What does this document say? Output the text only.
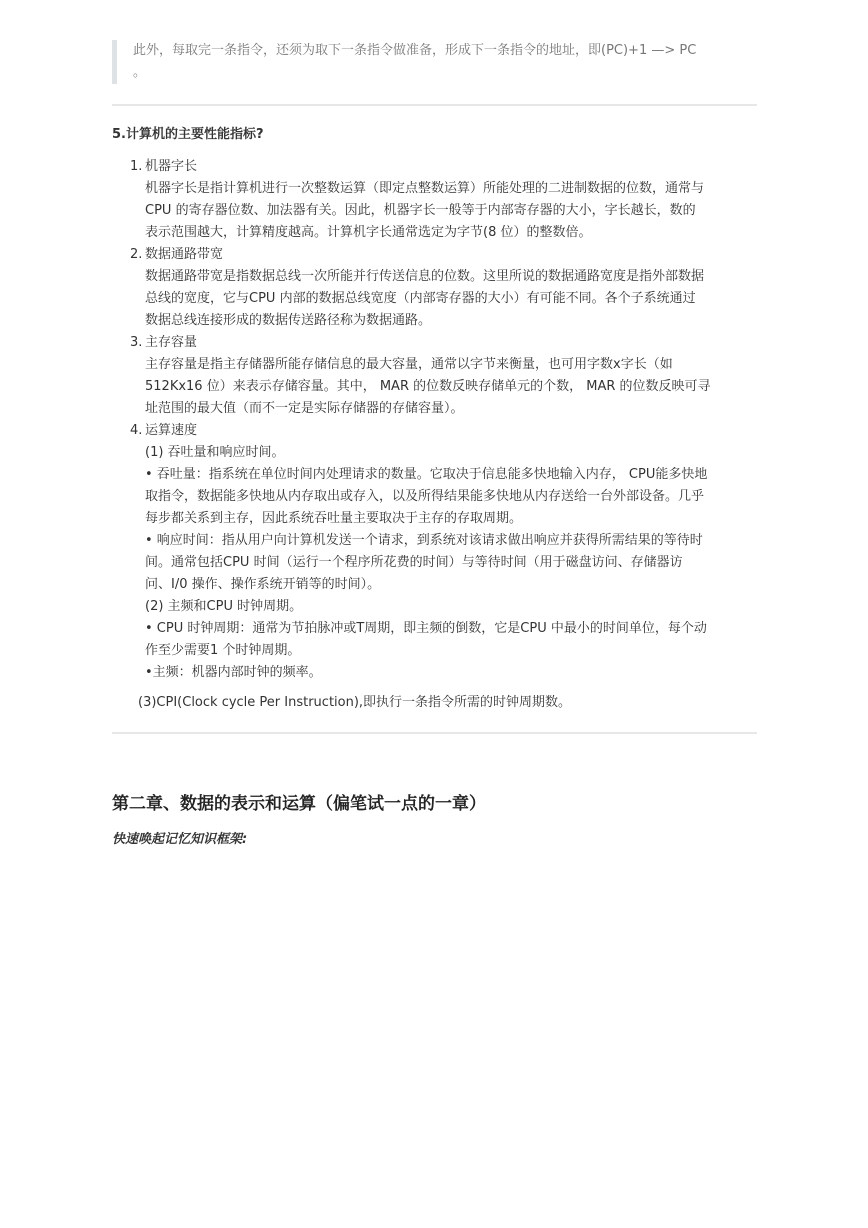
此外，每取完一条指令，还须为取下一条指令做准备，形成下一条指令的地址，即(PC)+1 —> PC
。
5.计算机的主要性能指标?
1. 机器字长
机器字长是指计算机进行一次整数运算（即定点整数运算）所能处理的二进制数据的位数，通常与
CPU 的寄存器位数、加法器有关。因此，机器字长一般等于内部寄存器的大小，字长越长，数的
表示范围越大，计算精度越高。计算机字长通常选定为字节(8 位）的整数倍。
2. 数据通路带宽
数据通路带宽是指数据总线一次所能并行传送信息的位数。这里所说的数据通路宽度是指外部数据
总线的宽度，它与CPU 内部的数据总线宽度（内部寄存器的大小）有可能不同。各个子系统通过
数据总线连接形成的数据传送路径称为数据通路。
3. 主存容量
主存容量是指主存储器所能存储信息的最大容量，通常以字节来衡量，也可用字数x字长（如
512Kx16 位）来表示存储容量。其中， MAR 的位数反映存储单元的个数， MAR 的位数反映可寻
址范围的最大值（而不一定是实际存储器的存储容量）。
4. 运算速度
(1) 吞吐量和响应时间。
• 吞吐量：指系统在单位时间内处理请求的数量。它取决于信息能多快地输入内存， CPU能多快地
取指令，数据能多快地从内存取出或存入，以及所得结果能多快地从内存送给一台外部设备。几乎
每步都关系到主存，因此系统吞吐量主要取决于主存的存取周期。
• 响应时间：指从用户向计算机发送一个请求，到系统对该请求做出响应并获得所需结果的等待时
间。通常包括CPU 时间（运行一个程序所花费的时间）与等待时间（用于磁盘访问、存储器访
问、I/0 操作、操作系统开销等的时间）。
(2) 主频和CPU 时钟周期。
• CPU 时钟周期：通常为节拍脉冲或T周期，即主频的倒数，它是CPU 中最小的时间单位，每个动
作至少需要1 个时钟周期。
•主频：机器内部时钟的频率。
(3)CPI(Clock cycle Per Instruction),即执行一条指令所需的时钟周期数。
第二章、数据的表示和运算（偏笔试一点的一章）
快速唤起记忆知识框架:
